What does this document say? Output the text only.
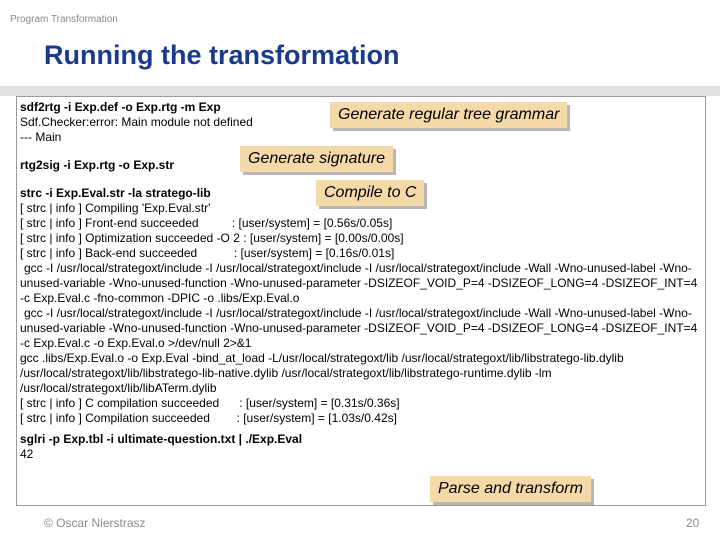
Program Transformation
Running the transformation
sdf2rtg -i Exp.def -o Exp.rtg -m Exp
Sdf.Checker:error: Main module not defined
--- Main
rtg2sig -i Exp.rtg -o Exp.str
strc -i Exp.Eval.str -la stratego-lib
[ strc | info ] Compiling 'Exp.Eval.str'
[ strc | info ] Front-end succeeded          : [user/system] = [0.56s/0.05s]
[ strc | info ] Optimization succeeded -O 2 : [user/system] = [0.00s/0.00s]
[ strc | info ] Back-end succeeded           : [user/system] = [0.16s/0.01s]
gcc -I /usr/local/strategoxt/include -I /usr/local/strategoxt/include -I /usr/local/strategoxt/include -Wall -Wno-unused-label -Wno-unused-variable -Wno-unused-function -Wno-unused-parameter -DSIZEOF_VOID_P=4 -DSIZEOF_LONG=4 -DSIZEOF_INT=4 -c Exp.Eval.c -fno-common -DPIC -o .libs/Exp.Eval.o
gcc -I /usr/local/strategoxt/include -I /usr/local/strategoxt/include -I /usr/local/strategoxt/include -Wall -Wno-unused-label -Wno-unused-variable -Wno-unused-function -Wno-unused-parameter -DSIZEOF_VOID_P=4 -DSIZEOF_LONG=4 -DSIZEOF_INT=4 -c Exp.Eval.c -o Exp.Eval.o >/dev/null 2>&1
gcc .libs/Exp.Eval.o -o Exp.Eval -bind_at_load -L/usr/local/strategoxt/lib /usr/local/strategoxt/lib/libstratego-lib.dylib /usr/local/strategoxt/lib/libstratego-lib-native.dylib /usr/local/strategoxt/lib/libstratego-runtime.dylib -lm /usr/local/strategoxt/lib/libATerm.dylib
[ strc | info ] C compilation succeeded      : [user/system] = [0.31s/0.36s]
[ strc | info ] Compilation succeeded        : [user/system] = [1.03s/0.42s]
sglri -p Exp.tbl -i ultimate-question.txt | ./Exp.Eval
42
Generate regular tree grammar
Generate signature
Compile to C
Parse and transform
© Oscar Nierstrasz	20
